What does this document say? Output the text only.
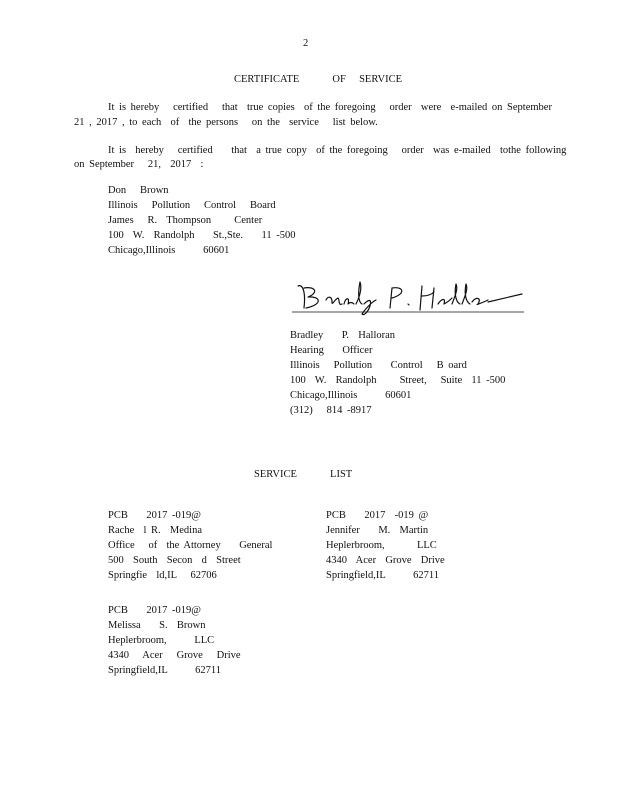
2
CERTIFICATE     OF  SERVICE
It is hereby   certified   that  true copies  of the foregoing   order  were  e-mailed on September
21 , 2017 , to each  of  the persons   on the  service   list below.
It is  hereby   certified    that  a true copy  of the foregoing   order  was e-mailed  tothe following
on September   21,  2017  :
Don   Brown
Illinois   Pollution   Control   Board
James   R.  Thompson     Center
100  W.  Randolph    St.,Ste.    11 -500
Chicago,Illinois      60601
Bradley    P.  Halloran
Hearing    Officer
Illinois   Pollution    Control   B oard
100  W.  Randolph     Street,   Suite  11 -500
Chicago,Illinois      60601
(312)   814 -8917
SERVICE     LIST
PCB    2017 -019@
Rache  l R.  Medina
Office   of  the Attorney    General
500  South  Secon  d  Street
Springfie  ld,IL   62706
PCB    2017  -019 @
Jennifer    M.  Martin
Heplerbroom,       LLC
4340  Acer  Grove  Drive
Springfield,IL      62711
PCB    2017 -019@
Melissa    S.  Brown
Heplerbroom,      LLC
4340   Acer   Grove   Drive
Springfield,IL      62711
